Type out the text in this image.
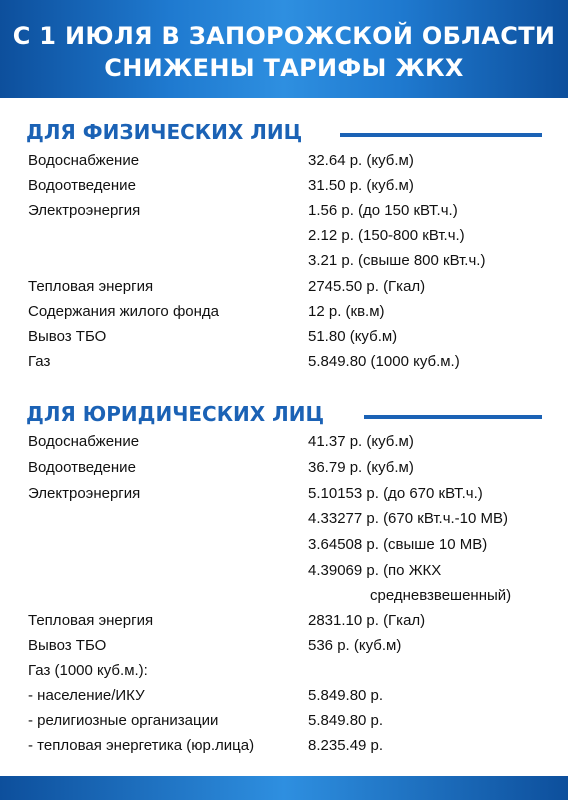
С 1 ИЮЛЯ В ЗАПОРОЖСКОЙ ОБЛАСТИ
СНИЖЕНЫ ТАРИФЫ ЖКХ
ДЛЯ ФИЗИЧЕСКИХ ЛИЦ
Водоснабжение	32.64 р. (куб.м)
Водоотведение	31.50 р. (куб.м)
Электроэнергия	1.56 р. (до 150 кВТ.ч.)
2.12 р. (150-800 кВт.ч.)
3.21 р. (свыше 800 кВт.ч.)
Тепловая энергия	2745.50 р. (Гкал)
Содержания жилого фонда	12 р. (кв.м)
Вывоз ТБО	51.80 (куб.м)
Газ	5.849.80 (1000 куб.м.)
ДЛЯ ЮРИДИЧЕСКИХ ЛИЦ
Водоснабжение	41.37 р. (куб.м)
Водоотведение	36.79 р. (куб.м)
Электроэнергия	5.10153 р. (до 670 кВТ.ч.)
4.33277 р. (670 кВт.ч.-10 МВ)
3.64508 р. (свыше 10 МВ)
4.39069 р. (по ЖКХ
средневзвешенный)
Тепловая энергия	2831.10 р. (Гкал)
Вывоз ТБО	536 р. (куб.м)
Газ (1000 куб.м.):
- население/ИКУ	5.849.80 р.
- религиозные организации	5.849.80 р.
- тепловая энергетика (юр.лица)	8.235.49 р.
